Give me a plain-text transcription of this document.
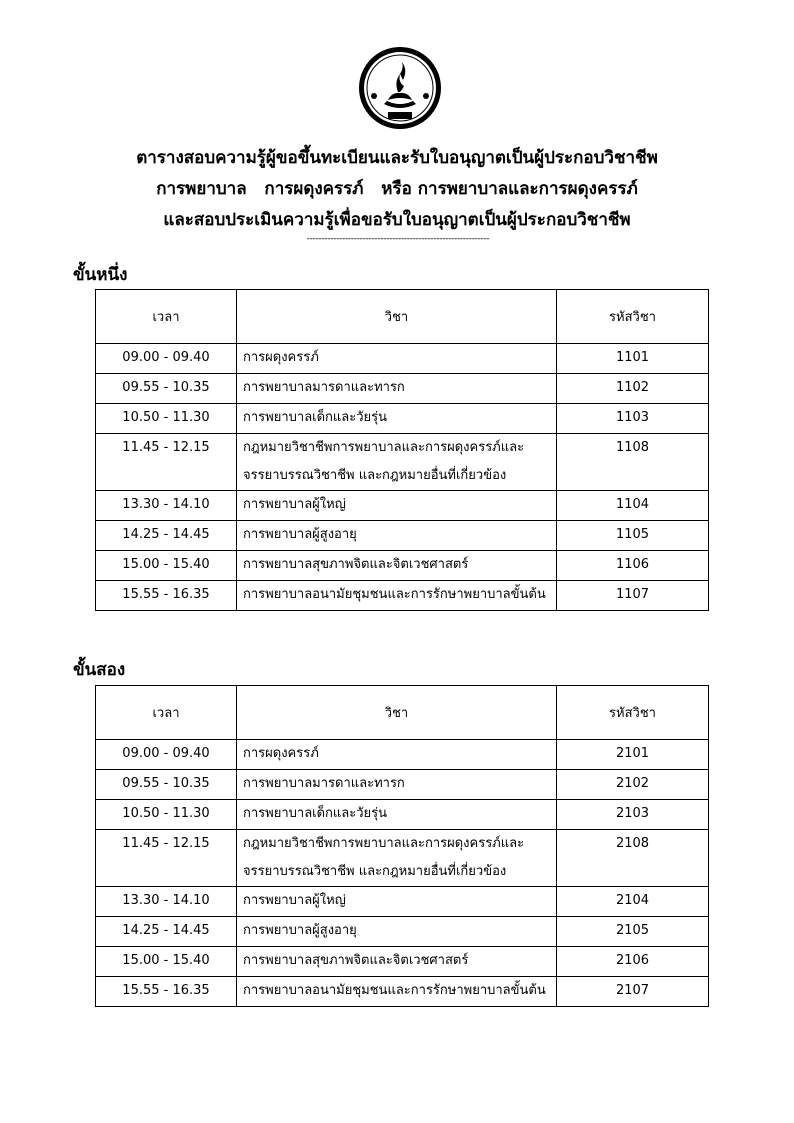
ตารางสอบความรู้ผู้ขอขึ้นทะเบียนและรับใบอนุญาตเป็นผู้ประกอบวิชาชีพ
การพยาบาล   การผดุงครรภ์   หรือ การพยาบาลและการผดุงครรภ์
และสอบประเมินความรู้เพื่อขอรับใบอนุญาตเป็นผู้ประกอบวิชาชีพ
--------------------------------------------------------------
ขั้นหนึ่ง
เวลา	วิชา	รหัสวิชา
09.00 - 09.40	การผดุงครรภ์	1101
09.55 - 10.35	การพยาบาลมารดาและทารก	1102
10.50 - 11.30	การพยาบาลเด็กและวัยรุ่น	1103
11.45 - 12.15	กฎหมายวิชาชีพการพยาบาลและการผดุงครรภ์และ
จรรยาบรรณวิชาชีพ และกฎหมายอื่นที่เกี่ยวข้อง	1108
13.30 - 14.10	การพยาบาลผู้ใหญ่	1104
14.25 - 14.45	การพยาบาลผู้สูงอายุ	1105
15.00 - 15.40	การพยาบาลสุขภาพจิตและจิตเวชศาสตร์	1106
15.55 - 16.35	การพยาบาลอนามัยชุมชนและการรักษาพยาบาลขั้นต้น	1107
ขั้นสอง
เวลา	วิชา	รหัสวิชา
09.00 - 09.40	การผดุงครรภ์	2101
09.55 - 10.35	การพยาบาลมารดาและทารก	2102
10.50 - 11.30	การพยาบาลเด็กและวัยรุ่น	2103
11.45 - 12.15	กฎหมายวิชาชีพการพยาบาลและการผดุงครรภ์และ
จรรยาบรรณวิชาชีพ และกฎหมายอื่นที่เกี่ยวข้อง	2108
13.30 - 14.10	การพยาบาลผู้ใหญ่	2104
14.25 - 14.45	การพยาบาลผู้สูงอายุ	2105
15.00 - 15.40	การพยาบาลสุขภาพจิตและจิตเวชศาสตร์	2106
15.55 - 16.35	การพยาบาลอนามัยชุมชนและการรักษาพยาบาลขั้นต้น	2107
